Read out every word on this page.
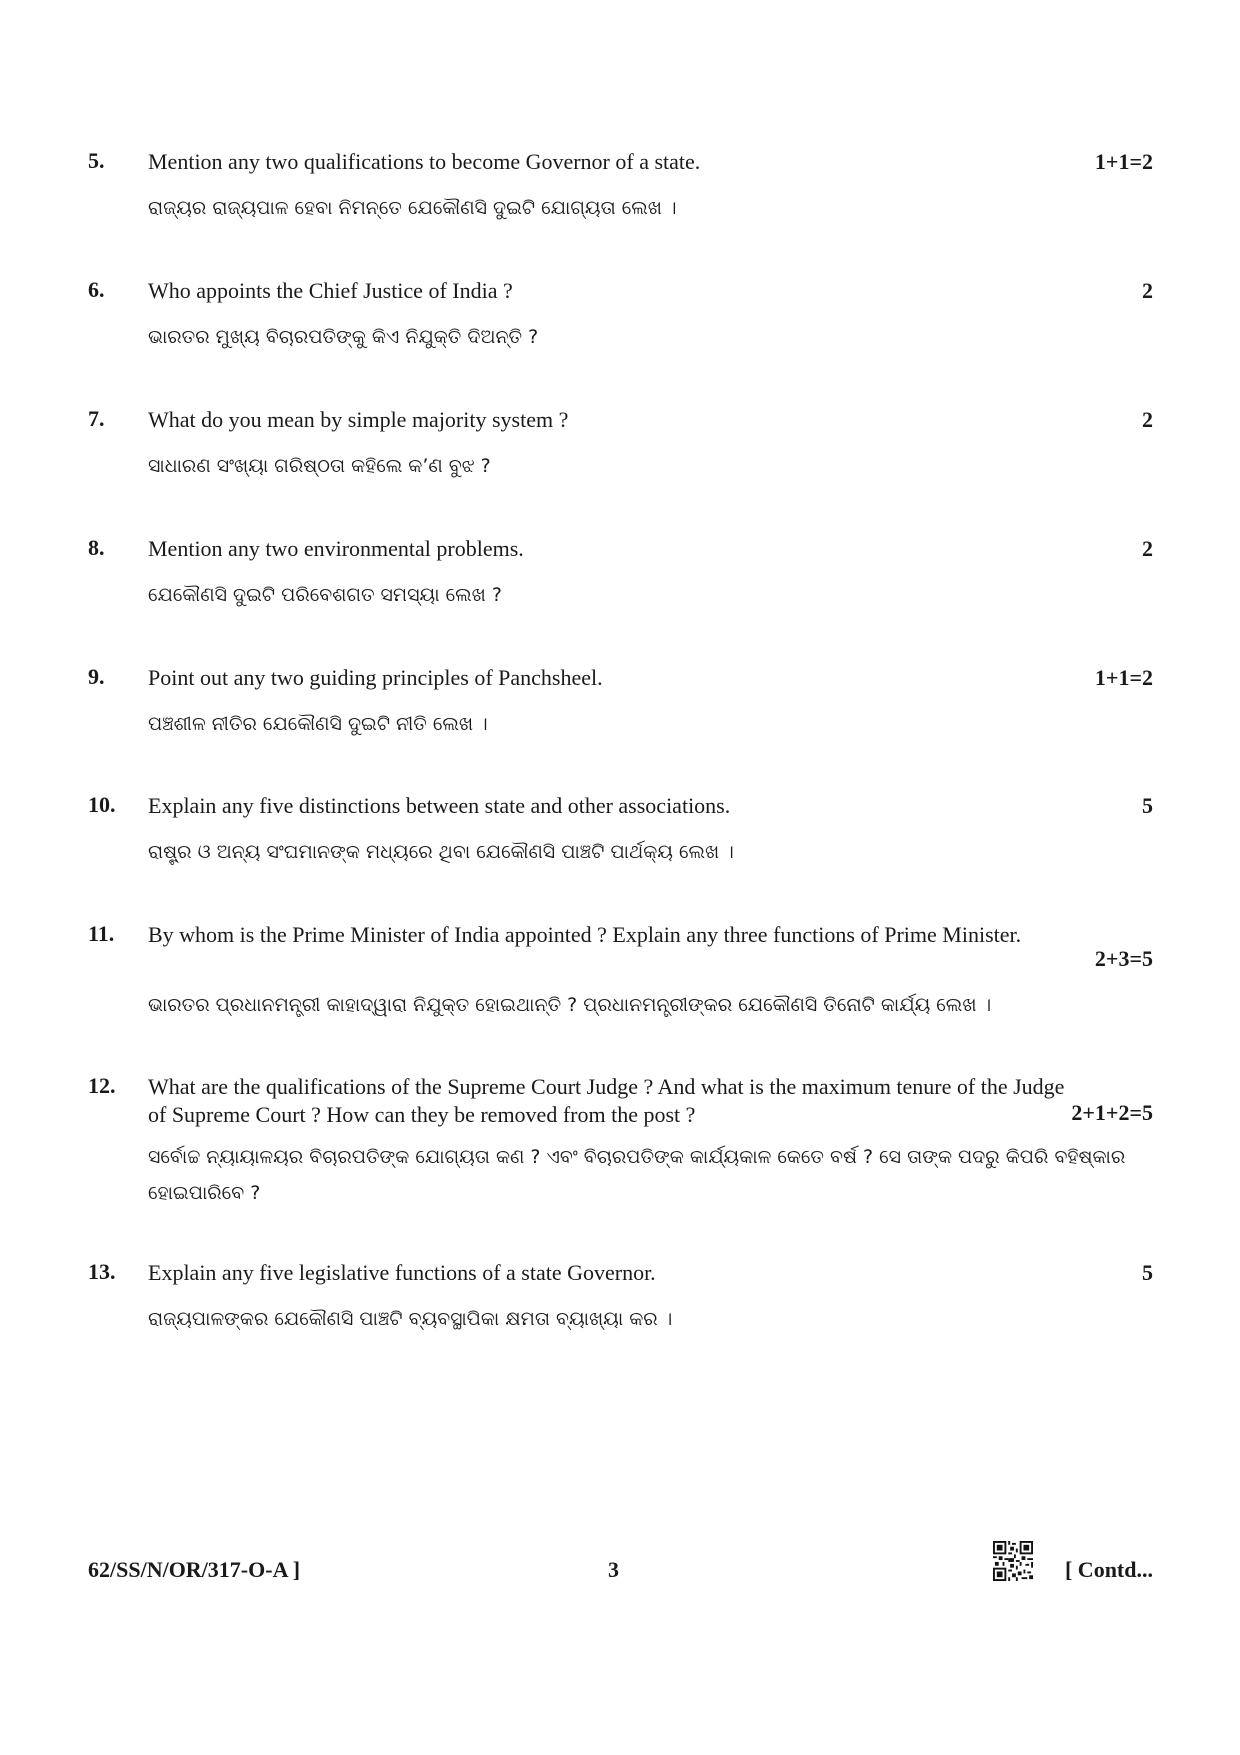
5. Mention any two qualifications to become Governor of a state.	1+1=2
ରାଜ୍ୟର ରାଜ୍ୟପାଳ ହେବା ନିମନ୍ତେ ଯେକୌଣସି ଦୁଇଟି ଯୋଗ୍ୟତା ଲେଖ ।
6. Who appoints the Chief Justice of India ?	2
ଭାରତର ମୁଖ୍ୟ ବିଚାରପତିଙ୍କୁ କିଏ ନିଯୁକ୍ତି ଦିଅନ୍ତି ?
7. What do you mean by simple majority system ?	2
ସାଧାରଣ ସଂଖ୍ୟା ଗରିଷ୍ଠତା କହିଲେ କ’ଣ ବୁଝ ?
8. Mention any two environmental problems.	2
ଯେକୌଣସି ଦୁଇଟି ପରିବେଶଗତ ସମସ୍ୟା ଲେଖ ?
9. Point out any two guiding principles of Panchsheel.	1+1=2
ପଞ୍ଚଶୀଳ ନୀତିର ଯେକୌଣସି ଦୁଇଟି ନୀତି ଲେଖ ।
10. Explain any five distinctions between state and other associations.	5
ରାଷ୍ଟ୍ର ଓ ଅନ୍ୟ ସଂଘମାନଙ୍କ ମଧ୍ୟରେ ଥିବା ଯେକୌଣସି ପାଞ୍ଚଟି ପାର୍ଥକ୍ୟ ଲେଖ ।
11. By whom is the Prime Minister of India appointed ? Explain any three functions of Prime Minister.
2+3=5
ଭାରତର ପ୍ରଧାନମନ୍ତ୍ରୀ କାହାଦ୍ୱାରା ନିଯୁକ୍ତ ହୋଇଥାନ୍ତି ? ପ୍ରଧାନମନ୍ତ୍ରୀଙ୍କର ଯେକୌଣସି ତିନୋଟି କାର୍ଯ୍ୟ ଲେଖ ।
12. What are the qualifications of the Supreme Court Judge ? And what is the maximum tenure of the Judge of Supreme Court ? How can they be removed from the post ?	2+1+2=5
ସର୍ବୋଚ୍ଚ ନ୍ୟାୟାଳୟର ବିଚାରପତିଙ୍କ ଯୋଗ୍ୟତା କଣ ? ଏବଂ ବିଚାରପତିଙ୍କ କାର୍ଯ୍ୟକାଳ କେତେ ବର୍ଷ ? ସେ ତାଙ୍କ ପଦରୁ କିପରି ବହିଷ୍କାର ହୋଇପାରିବେ ?
13. Explain any five legislative functions of a state Governor.	5
ରାଜ୍ୟପାଳଙ୍କର ଯେକୌଣସି ପାଞ୍ଚଟି ବ୍ୟବସ୍ଥାପିକା କ୍ଷମତା ବ୍ୟାଖ୍ୟା କର ।
62/SS/N/OR/317-O-A ]	3	[ Contd...
